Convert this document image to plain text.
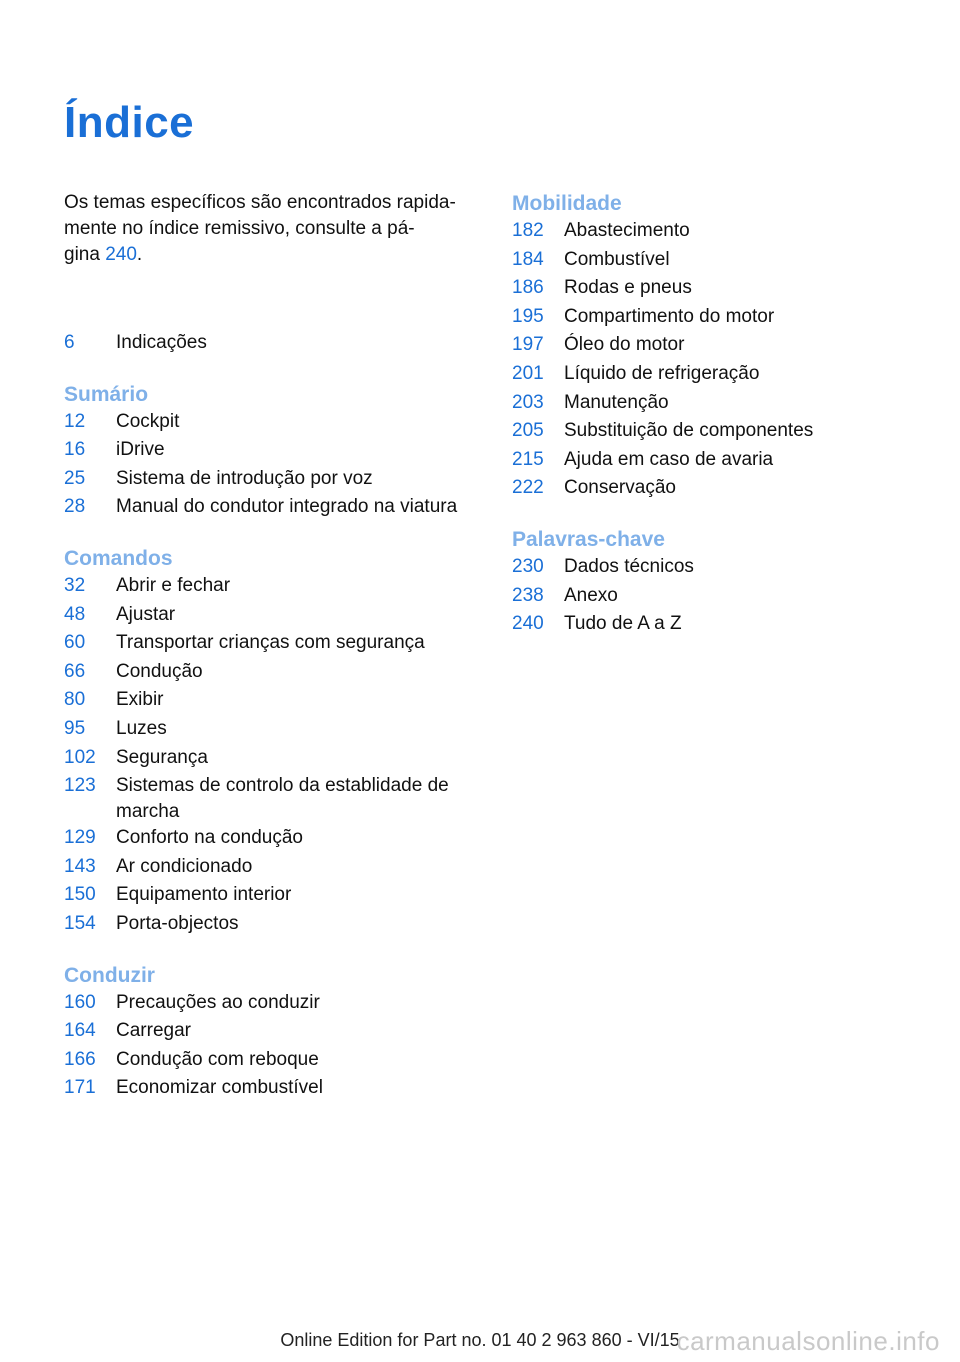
Índice

Os temas específicos são encontrados rapida-
mente no índice remissivo, consulte a pá-
gina 240.

6	Indicações
Sumário
12	Cockpit
16	iDrive
25	Sistema de introdução por voz
28	Manual do condutor integrado na viatura
Comandos
32	Abrir e fechar
48	Ajustar
60	Transportar crianças com segurança
66	Condução
80	Exibir
95	Luzes
102	Segurança
123	Sistemas de controlo da establidade de marcha
129	Conforto na condução
143	Ar condicionado
150	Equipamento interior
154	Porta-objectos
Conduzir
160	Precauções ao conduzir
164	Carregar
166	Condução com reboque
171	Economizar combustível
Mobilidade
182	Abastecimento
184	Combustível
186	Rodas e pneus
195	Compartimento do motor
197	Óleo do motor
201	Líquido de refrigeração
203	Manutenção
205	Substituição de componentes
215	Ajuda em caso de avaria
222	Conservação
Palavras-chave
230	Dados técnicos
238	Anexo
240	Tudo de A a Z
Online Edition for Part no. 01 40 2 963 860 - VI/15
carmanualsonline.info
